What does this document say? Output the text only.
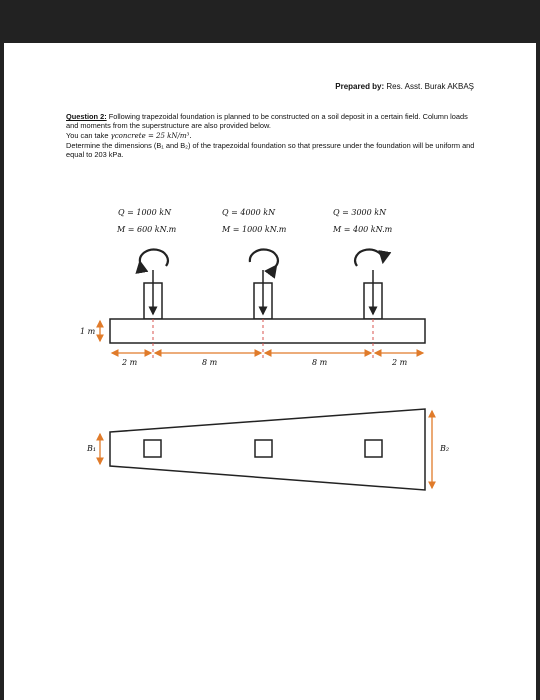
Prepared by: Res. Asst. Burak AKBAŞ
Question 2: Following trapezoidal foundation is planned to be constructed on a soil deposit in a certain field. Column loads and moments from the superstructure are also provided below.
You can take γconcrete = 25 kN/m³.
Determine the dimensions (B₁ and B₂) of the trapezoidal foundation so that pressure under the foundation will be uniform and equal to 203 kPa.
Q = 1000 kN
M = 600 kN.m
Q = 4000 kN
M = 1000 kN.m
Q = 3000 kN
M = 400 kN.m
1 m
2 m	8 m	8 m	2 m
B₁	B₂
